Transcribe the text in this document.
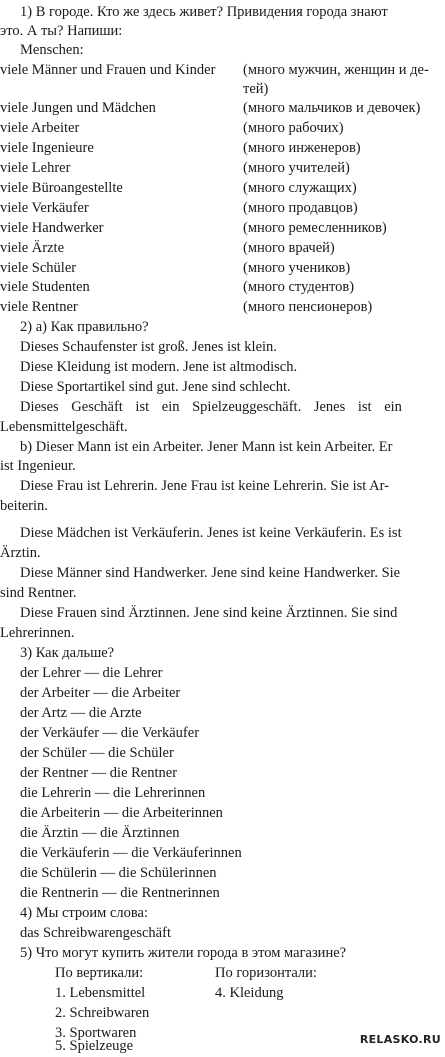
1) В городе. Кто же здесь живет? Привидения города знают
это. А ты? Напиши:
Menschen:
viele Männer und Frauen und Kinder (много мужчин, женщин и де-
тей)
viele Jungen und Mädchen	(много мальчиков и девочек)
viele Arbeiter	(много рабочих)
viele Ingenieure	(много инженеров)
viele Lehrer	(много учителей)
viele Büroangestellte	(много служащих)
viele Verkäufer	(много продавцов)
viele Handwerker	(много ремесленников)
viele Ärzte	(много врачей)
viele Schüler	(много учеников)
viele Studenten	(много студентов)
viele Rentner	(много пенсионеров)
2) а) Как правильно?
Dieses Schaufenster ist groß. Jenes ist klein.
Diese Kleidung ist modern. Jene ist altmodisch.
Diese Sportartikel sind gut. Jene sind schlecht.
Dieses Geschäft ist ein Spielzeuggeschäft. Jenes ist ein
Lebensmittelgeschäft.
b) Dieser Mann ist ein Arbeiter. Jener Mann ist kein Arbeiter. Er
ist Ingenieur.
Diese Frau ist Lehrerin. Jene Frau ist keine Lehrerin. Sie ist Ar-
beiterin.
Diese Mädchen ist Verkäuferin. Jenes ist keine Verkäuferin. Es ist
Ärztin.
Diese Männer sind Handwerker. Jene sind keine Handwerker. Sie
sind Rentner.
Diese Frauen sind Ärztinnen. Jene sind keine Ärztinnen. Sie sind
Lehrerinnen.
3) Как дальше?
der Lehrer — die Lehrer
der Arbeiter — die Arbeiter
der Artz — die Arzte
der Verkäufer — die Verkäufer
der Schüler — die Schüler
der Rentner — die Rentner
die Lehrerin — die Lehrerinnen
die Arbeiterin — die Arbeiterinnen
die Ärztin — die Ärztinnen
die Verkäuferin — die Verkäuferinnen
die Schülerin — die Schülerinnen
die Rentnerin — die Rentnerinnen
4) Мы строим слова:
das Schreibwarengeschäft
5) Что могут купить жители города в этом магазине?
По вертикали:	По горизонтали:
1. Lebensmittel	4. Kleidung
2. Schreibwaren
3. Sportwaren
5. Spielzeuge	RELASKO.RU
